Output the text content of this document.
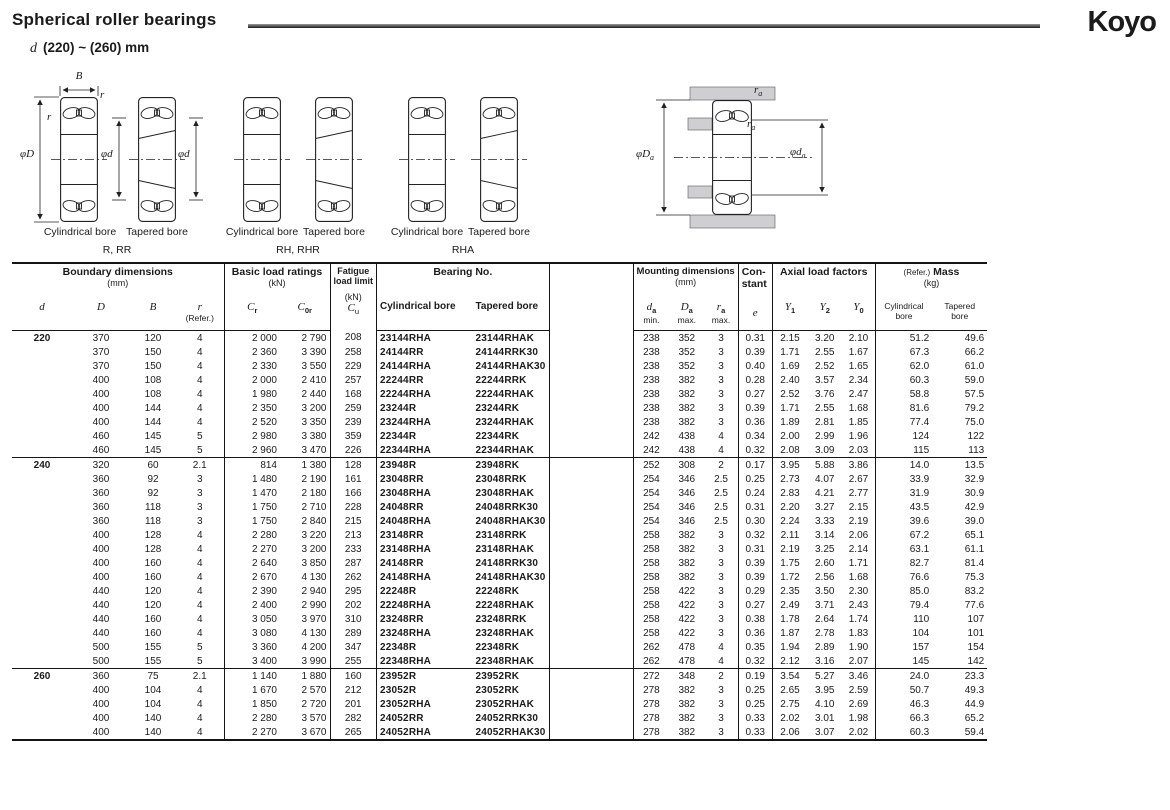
Spherical roller bearings	Koyo
d (220) ~ (260) mm
B
r
r
φD	φd	φd
$r_a$
$r_a$
$\varphi D_a$	$\varphi d_a$
Cylindrical bore Tapered bore
R, RR
Cylindrical bore Tapered bore
RH, RHR
Cylindrical bore Tapered bore
RHA
Boundary dimensions
(mm)

Basic load ratings
(kN)

Fatigue
load limit
(kN)
$C_u$

Bearing No.		Mounting dimensions
(mm)

Con-
stant

Axial load factors	(Refer.) Mass
(kg)

d	D	B	r
(Refer.)
	$C_r$	$C_{0r}$	Cylindrical bore	Tapered bore	$d_a$
min.
	$D_a$
max.
	$r_a$
max.
	e	$Y_1$	$Y_2$	$Y_0$	Cylindrical
bore

Tapered
bore

220	370	120	4	2 000	2 790	208	23144RHA	23144RHAK		238	352	3	0.31	2.15	3.20	2.10	51.2	49.6
	370	150	4	2 360	3 390	258	24144RR	24144RRK30		238	352	3	0.39	1.71	2.55	1.67	67.3	66.2
	370	150	4	2 330	3 550	229	24144RHA	24144RHAK30		238	352	3	0.40	1.69	2.52	1.65	62.0	61.0
	400	108	4	2 000	2 410	257	22244RR	22244RRK		238	382	3	0.28	2.40	3.57	2.34	60.3	59.0
	400	108	4	1 980	2 440	168	22244RHA	22244RHAK		238	382	3	0.27	2.52	3.76	2.47	58.8	57.5
	400	144	4	2 350	3 200	259	23244R	23244RK		238	382	3	0.39	1.71	2.55	1.68	81.6	79.2
	400	144	4	2 520	3 350	239	23244RHA	23244RHAK		238	382	3	0.36	1.89	2.81	1.85	77.4	75.0
	460	145	5	2 980	3 380	359	22344R	22344RK		242	438	4	0.34	2.00	2.99	1.96	124	122
	460	145	5	2 960	3 470	226	22344RHA	22344RHAK		242	438	4	0.32	2.08	3.09	2.03	115	113
240	320	60	2.1	814	1 380	128	23948R	23948RK		252	308	2	0.17	3.95	5.88	3.86	14.0	13.5
	360	92	3	1 480	2 190	161	23048RR	23048RRK		254	346	2.5	0.25	2.73	4.07	2.67	33.9	32.9
	360	92	3	1 470	2 180	166	23048RHA	23048RHAK		254	346	2.5	0.24	2.83	4.21	2.77	31.9	30.9
	360	118	3	1 750	2 710	228	24048RR	24048RRK30		254	346	2.5	0.31	2.20	3.27	2.15	43.5	42.9
	360	118	3	1 750	2 840	215	24048RHA	24048RHAK30		254	346	2.5	0.30	2.24	3.33	2.19	39.6	39.0
	400	128	4	2 280	3 220	213	23148RR	23148RRK		258	382	3	0.32	2.11	3.14	2.06	67.2	65.1
	400	128	4	2 270	3 200	233	23148RHA	23148RHAK		258	382	3	0.31	2.19	3.25	2.14	63.1	61.1
	400	160	4	2 640	3 850	287	24148RR	24148RRK30		258	382	3	0.39	1.75	2.60	1.71	82.7	81.4
	400	160	4	2 670	4 130	262	24148RHA	24148RHAK30		258	382	3	0.39	1.72	2.56	1.68	76.6	75.3
	440	120	4	2 390	2 940	295	22248R	22248RK		258	422	3	0.29	2.35	3.50	2.30	85.0	83.2
	440	120	4	2 400	2 990	202	22248RHA	22248RHAK		258	422	3	0.27	2.49	3.71	2.43	79.4	77.6
	440	160	4	3 050	3 970	310	23248RR	23248RRK		258	422	3	0.38	1.78	2.64	1.74	110	107
	440	160	4	3 080	4 130	289	23248RHA	23248RHAK		258	422	3	0.36	1.87	2.78	1.83	104	101
	500	155	5	3 360	4 200	347	22348R	22348RK		262	478	4	0.35	1.94	2.89	1.90	157	154
	500	155	5	3 400	3 990	255	22348RHA	22348RHAK		262	478	4	0.32	2.12	3.16	2.07	145	142
260	360	75	2.1	1 140	1 880	160	23952R	23952RK		272	348	2	0.19	3.54	5.27	3.46	24.0	23.3
	400	104	4	1 670	2 570	212	23052R	23052RK		278	382	3	0.25	2.65	3.95	2.59	50.7	49.3
	400	104	4	1 850	2 720	201	23052RHA	23052RHAK		278	382	3	0.25	2.75	4.10	2.69	46.3	44.9
	400	140	4	2 280	3 570	282	24052RR	24052RRK30		278	382	3	0.33	2.02	3.01	1.98	66.3	65.2
	400	140	4	2 270	3 670	265	24052RHA	24052RHAK30		278	382	3	0.33	2.06	3.07	2.02	60.3	59.4
